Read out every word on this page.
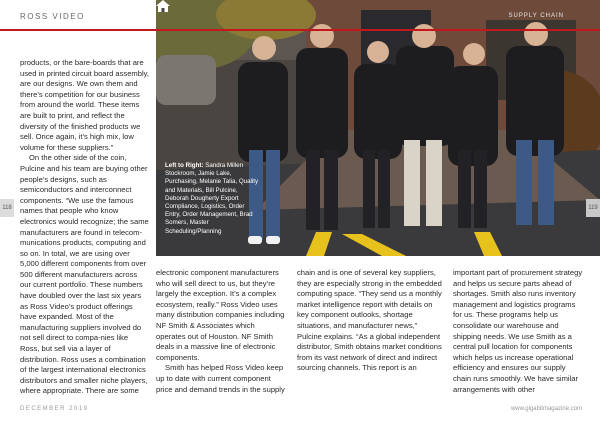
ROSS VIDEO	SUPPLY CHAIN
Left to Right: Sandra Millen Stockroom, Jamie Lake, Purchasing, Melanie Talia, Quality and Materials, Bill Pulcine, Deborah Dougherty Export Compliance, Logistics, Order Entry, Order Management, Brad Somers, Master Scheduling/Planning
118	119

products, or the bare-boards that are used in printed circuit board assembly, are our designs. We own them and there’s competition for our business from around the world. These items are built to print, and reflect the diversity of the finished products we sell. Once again, it’s high mix, low volume for these suppliers.”

On the other side of the coin, Pulcine and his team are buying other people’s designs, such as semiconductors and interconnect components. “We use the famous names that people who know electronics would recognize; the same manufacturers are found in telecom-munications products, computing and so on. In total, we are using over 5,000 different components from over 500 different manufacturers across our current portfolio. These numbers have doubled over the last six years as Ross Video’s product offerings have expanded. Most of the manufacturing suppliers involved do not sell direct to compa-nies like Ross, but sell via a layer of distribution. Ross uses a combination of the largest international electronics distributors and smaller niche players, where appropriate. There are some

electronic component manufacturers who will sell direct to us, but they’re largely the exception. It’s a complex ecosystem, really.” Ross Video uses many distribution companies including NF Smith & Associates which operates out of Houston. NF Smith deals in a massive line of electronic components.

Smith has helped Ross Video keep up to date with current component price and demand trends in the supply

chain and is one of several key suppliers, they are especially strong in the embedded computing space. “They send us a monthly market intelligence report with details on key component outlooks, shortage situations, and manufacturer news,” Pulcine explains. “As a global independent distributor, Smith obtains market conditions from its vast network of direct and indirect sourcing channels. This report is an

important part of procurement strategy and helps us secure parts ahead of shortages. Smith also runs inventory management and logistics programs for us. These programs help us consolidate our warehouse and shipping needs. We use Smith as a central pull location for components which helps us increase operational efficiency and ensures our supply chain runs smoothly. We have similar arrangements with other

DECEMBER 2019	www.gigabitmagazine.com
